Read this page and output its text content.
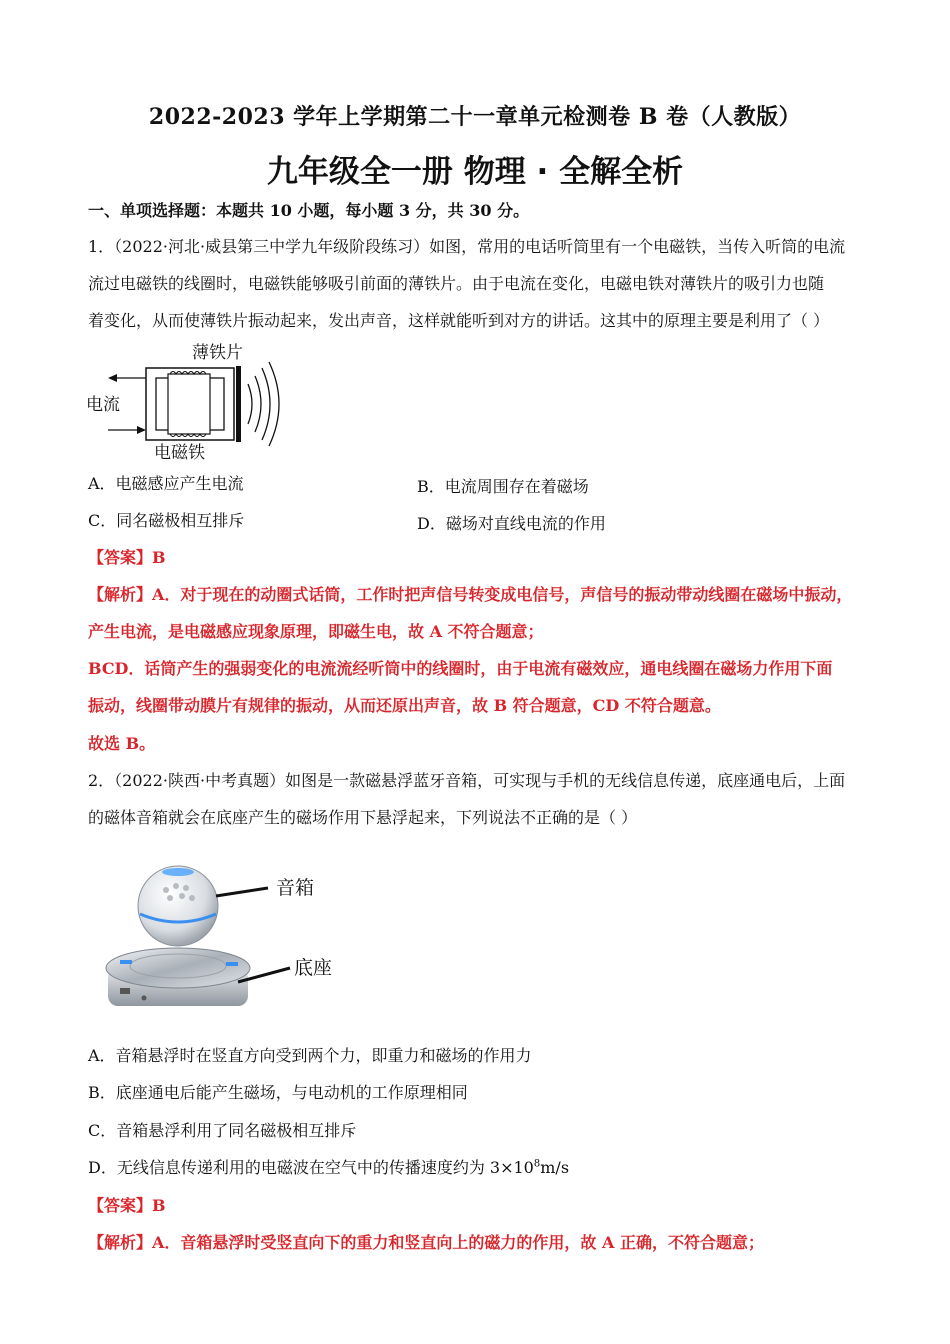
2022-2023 学年上学期第二十一章单元检测卷 B 卷（人教版）
九年级全一册 物理 · 全解全析
一、单项选择题：本题共 10 小题，每小题 3 分，共 30 分。
1．（2022·河北·威县第三中学九年级阶段练习）如图，常用的电话听筒里有一个电磁铁，当传入听筒的电流
流过电磁铁的线圈时，电磁铁能够吸引前面的薄铁片。由于电流在变化，电磁电铁对薄铁片的吸引力也随
着变化，从而使薄铁片振动起来，发出声音，这样就能听到对方的讲话。这其中的原理主要是利用了（ ）
薄铁片
电流
电磁铁
A．电磁感应产生电流	B．电流周围存在着磁场
C．同名磁极相互排斥	D．磁场对直线电流的作用
【答案】B
【解析】A．对于现在的动圈式话筒，工作时把声信号转变成电信号，声信号的振动带动线圈在磁场中振动，
产生电流，是电磁感应现象原理，即磁生电，故 A 不符合题意；
BCD．话筒产生的强弱变化的电流流经听筒中的线圈时，由于电流有磁效应，通电线圈在磁场力作用下面
振动，线圈带动膜片有规律的振动，从而还原出声音，故 B 符合题意，CD 不符合题意。
故选 B。
2．（2022·陕西·中考真题）如图是一款磁悬浮蓝牙音箱，可实现与手机的无线信息传递，底座通电后，上面
的磁体音箱就会在底座产生的磁场作用下悬浮起来，下列说法不正确的是（ ）
音箱
底座
A．音箱悬浮时在竖直方向受到两个力，即重力和磁场的作用力
B．底座通电后能产生磁场，与电动机的工作原理相同
C．音箱悬浮利用了同名磁极相互排斥
D．无线信息传递利用的电磁波在空气中的传播速度约为 $3\times 10^8m/s$
【答案】B
【解析】A．音箱悬浮时受竖直向下的重力和竖直向上的磁力的作用，故 A 正确，不符合题意；
